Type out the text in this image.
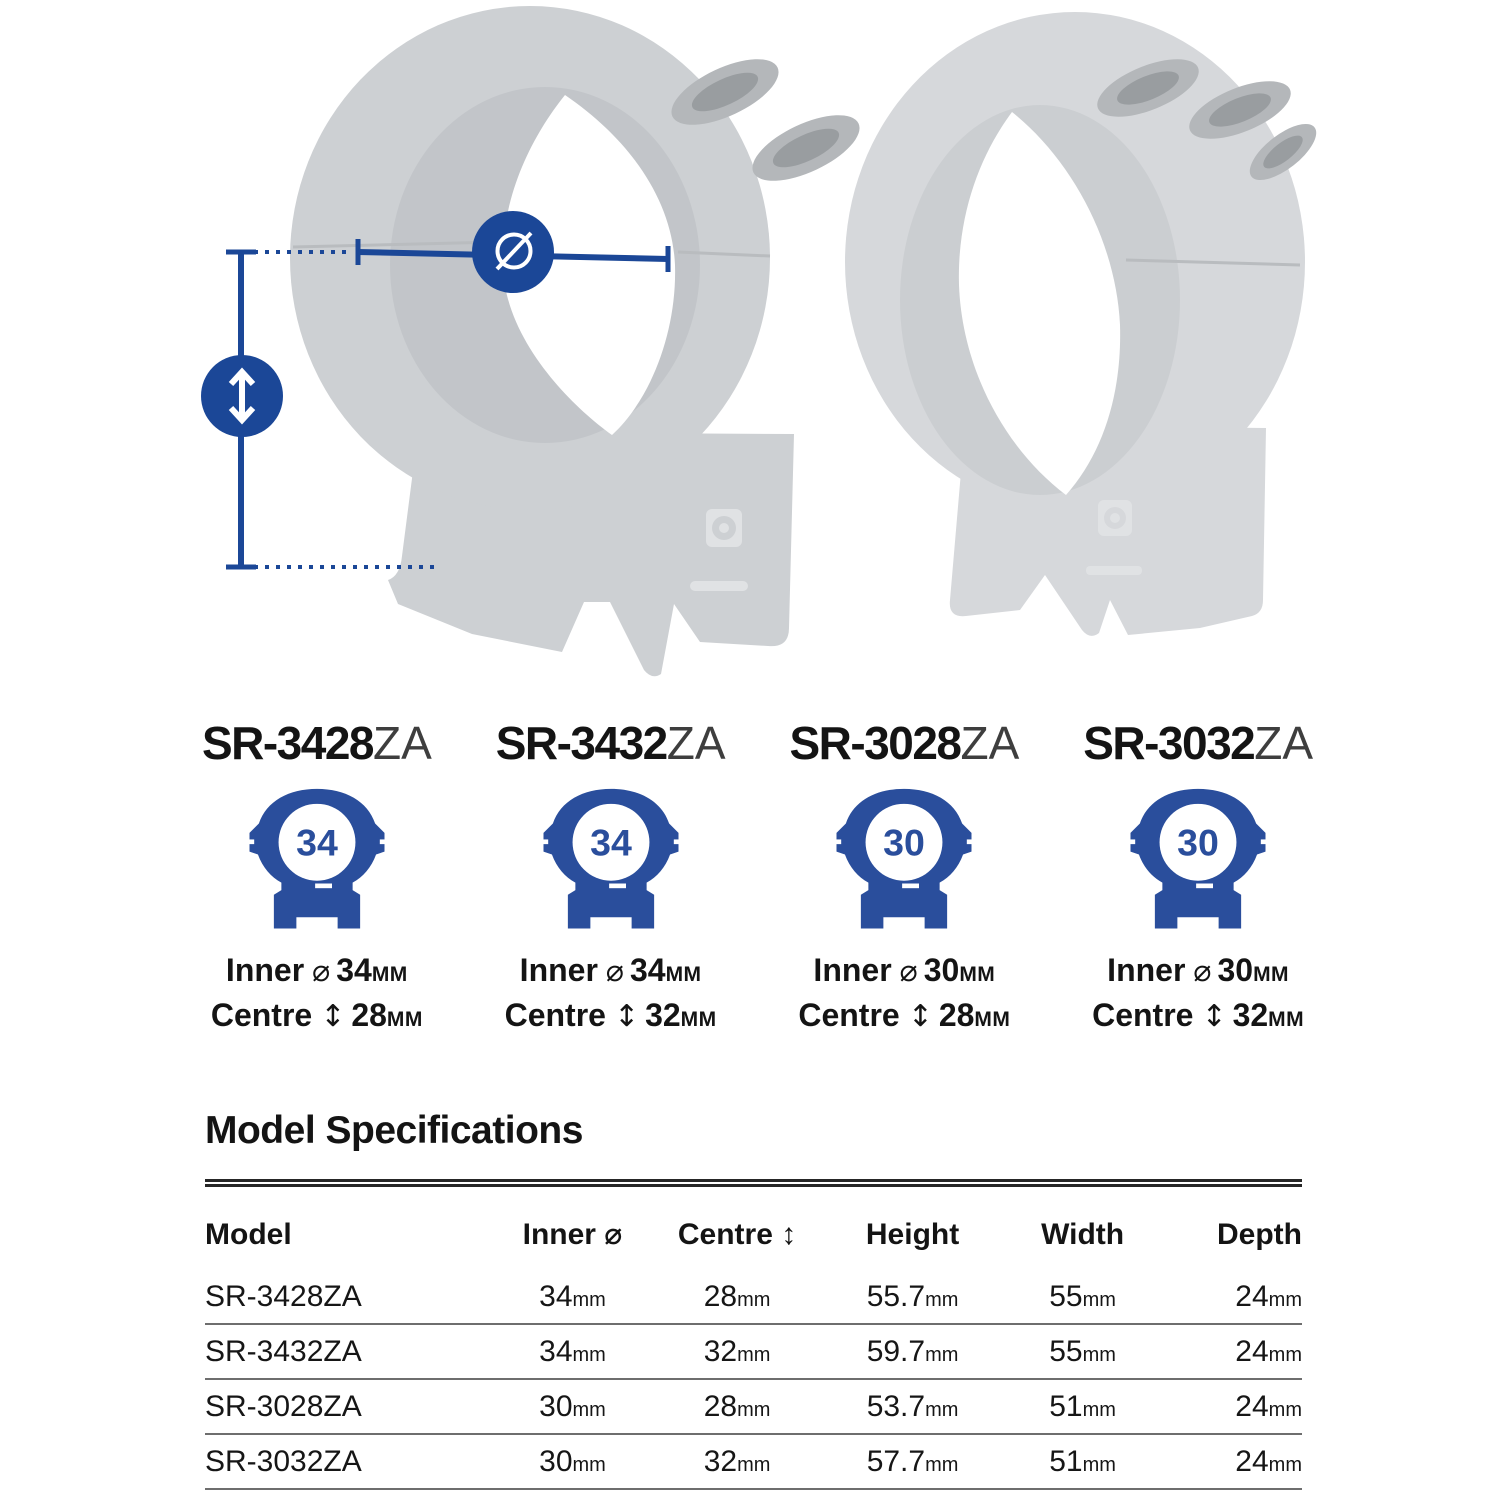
SR-3428ZA
34
Inner ⌀ 34MM
Centre ↕ 28MM
SR-3432ZA
34
Inner ⌀ 34MM
Centre ↕ 32MM
SR-3028ZA
30
Inner ⌀ 30MM
Centre ↕ 28MM
SR-3032ZA
30
Inner ⌀ 30MM
Centre ↕ 32MM
Model Specifications
Model	Inner ⌀	Centre ↕	Height	Width	Depth
SR-3428ZA	34mm	28mm	55.7mm	55mm	24mm
SR-3432ZA	34mm	32mm	59.7mm	55mm	24mm
SR-3028ZA	30mm	28mm	53.7mm	51mm	24mm
SR-3032ZA	30mm	32mm	57.7mm	51mm	24mm
